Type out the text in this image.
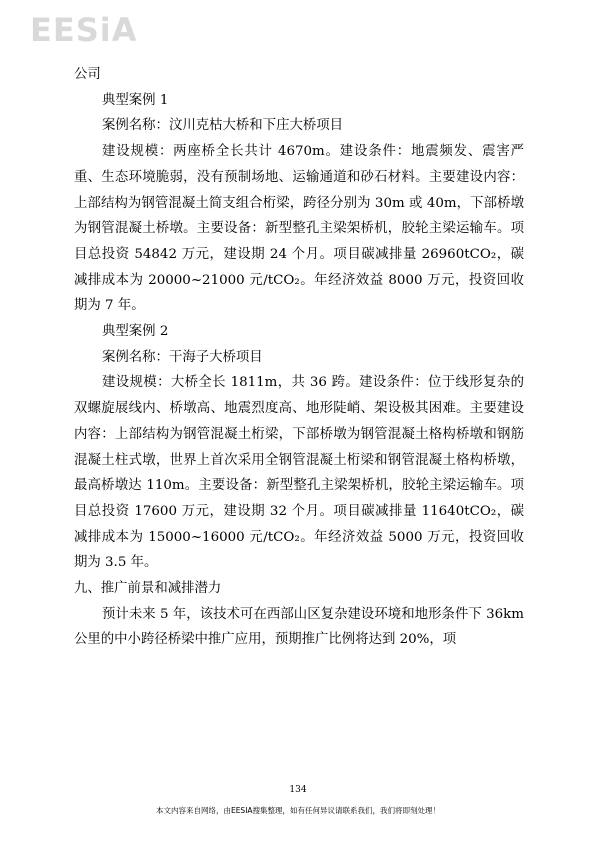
EESiA

公司

典型案例 1

案例名称：汶川克枯大桥和下庄大桥项目

建设规模：两座桥全长共计 4670m。建设条件：地震频发、震害严重、生态环境脆弱，没有预制场地、运输通道和砂石材料。主要建设内容：上部结构为钢管混凝土简支组合桁梁，跨径分别为 30m 或 40m，下部桥墩为钢管混凝土桥墩。主要设备：新型整孔主梁架桥机，胶轮主梁运输车。项目总投资 54842 万元，建设期 24 个月。项目碳减排量 26960tCO₂，碳减排成本为 20000~21000 元/tCO₂。年经济效益 8000 万元，投资回收期为 7 年。

典型案例 2

案例名称：干海子大桥项目

建设规模：大桥全长 1811m，共 36 跨。建设条件：位于线形复杂的双螺旋展线内、桥墩高、地震烈度高、地形陡峭、架设极其困难。主要建设内容：上部结构为钢管混凝土桁梁，下部桥墩为钢管混凝土格构桥墩和钢筋混凝土柱式墩，世界上首次采用全钢管混凝土桁梁和钢管混凝土格构桥墩，最高桥墩达 110m。主要设备：新型整孔主梁架桥机，胶轮主梁运输车。项目总投资 17600 万元，建设期 32 个月。项目碳减排量 11640tCO₂，碳减排成本为 15000~16000 元/tCO₂。年经济效益 5000 万元，投资回收期为 3.5 年。

九、推广前景和减排潜力

预计未来 5 年，该技术可在西部山区复杂建设环境和地形条件下 36km 公里的中小跨径桥梁中推广应用，预期推广比例将达到 20%，项

134
本文内容来自网络，由EESIA搜集整理，如有任何异议请联系我们，我们将即刻处理！
